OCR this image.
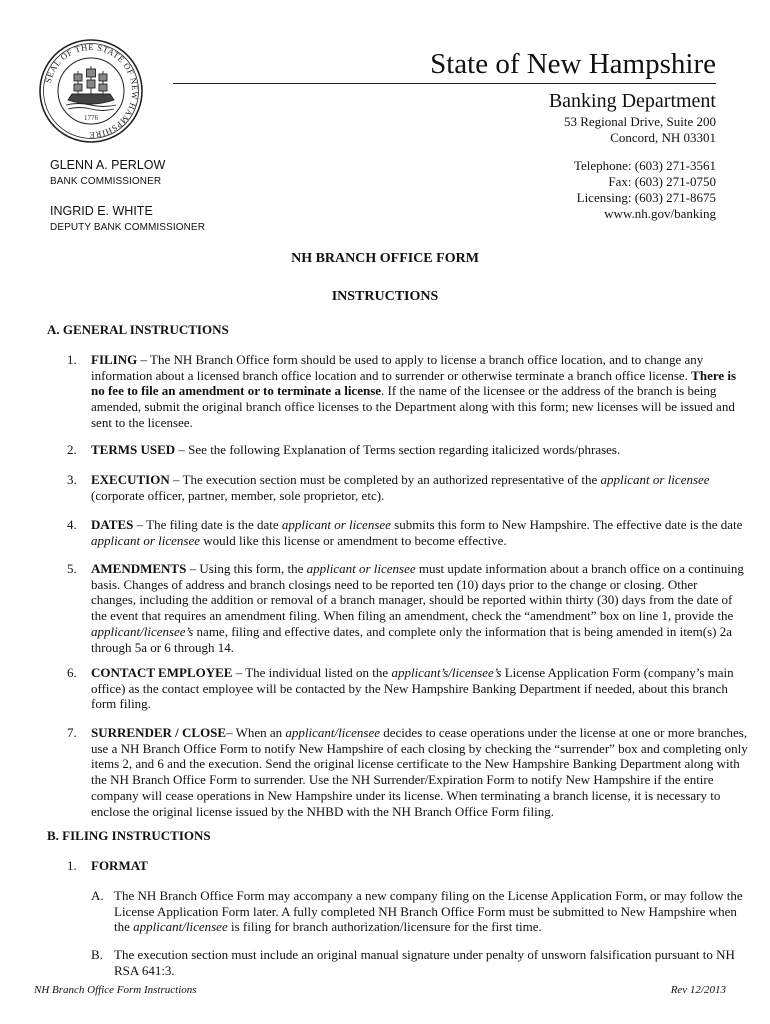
SEAL OF THE STATE OF NEW HAMPSHIRE
1776
State of New Hampshire
Banking Department
53 Regional Drive, Suite 200
Concord, NH 03301
Telephone: (603) 271-3561
Fax: (603) 271-0750
Licensing: (603) 271-8675
www.nh.gov/banking
GLENN A. PERLOW
BANK COMMISSIONER
INGRID E. WHITE
DEPUTY BANK COMMISSIONER
NH BRANCH OFFICE FORM
INSTRUCTIONS
A. GENERAL INSTRUCTIONS
1. FILING – The NH Branch Office form should be used to apply to license a branch office location, and to change any
information about a licensed branch office location and to surrender or otherwise terminate a branch office license. There is
no fee to file an amendment or to terminate a license. If the name of the licensee or the address of the branch is being
amended, submit the original branch office licenses to the Department along with this form; new licenses will be issued and
sent to the licensee.
2. TERMS USED – See the following Explanation of Terms section regarding italicized words/phrases.
3. EXECUTION – The execution section must be completed by an authorized representative of the applicant or licensee
(corporate officer, partner, member, sole proprietor, etc).
4. DATES – The filing date is the date applicant or licensee submits this form to New Hampshire. The effective date is the date
applicant or licensee would like this license or amendment to become effective.
5. AMENDMENTS – Using this form, the applicant or licensee must update information about a branch office on a continuing
basis. Changes of address and branch closings need to be reported ten (10) days prior to the change or closing. Other
changes, including the addition or removal of a branch manager, should be reported within thirty (30) days from the date of
the event that requires an amendment filing. When filing an amendment, check the “amendment” box on line 1, provide the
applicant/licensee’s name, filing and effective dates, and complete only the information that is being amended in item(s) 2a
through 5a or 6 through 14.
6. CONTACT EMPLOYEE – The individual listed on the applicant’s/licensee’s License Application Form (company’s main
office) as the contact employee will be contacted by the New Hampshire Banking Department if needed, about this branch
form filing.
7. SURRENDER / CLOSE– When an applicant/licensee decides to cease operations under the license at one or more branches,
use a NH Branch Office Form to notify New Hampshire of each closing by checking the “surrender” box and completing only
items 2, and 6 and the execution. Send the original license certificate to the New Hampshire Banking Department along with
the NH Branch Office Form to surrender. Use the NH Surrender/Expiration Form to notify New Hampshire if the entire
company will cease operations in New Hampshire under its license. When terminating a branch license, it is necessary to
enclose the original license issued by the NHBD with the NH Branch Office Form filing.
B. FILING INSTRUCTIONS
1. FORMAT
A. The NH Branch Office Form may accompany a new company filing on the License Application Form, or may follow the
License Application Form later. A fully completed NH Branch Office Form must be submitted to New Hampshire when
the applicant/licensee is filing for branch authorization/licensure for the first time.
B. The execution section must include an original manual signature under penalty of unsworn falsification pursuant to NH
RSA 641:3.
NH Branch Office Form Instructions	Rev 12/2013
